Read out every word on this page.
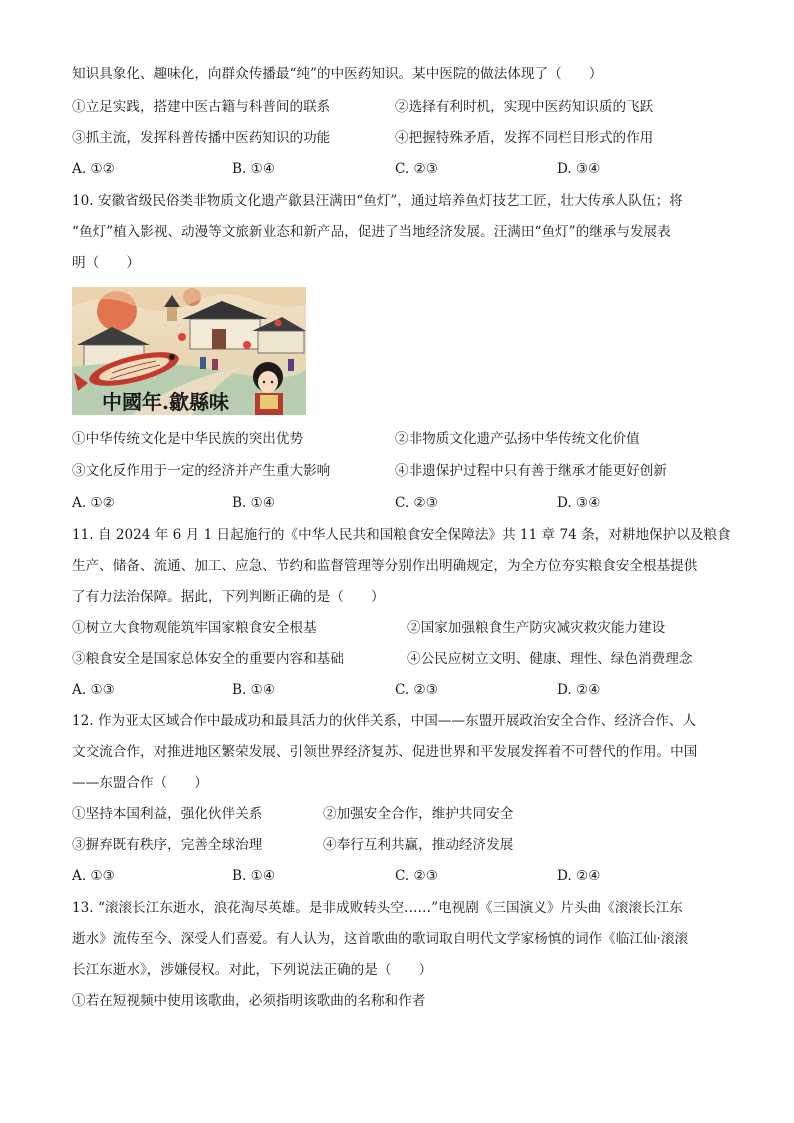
知识具象化、趣味化，向群众传播最“纯”的中医药知识。某中医院的做法体现了（　　）
①立足实践，搭建中医古籍与科普间的联系	②选择有利时机，实现中医药知识质的飞跃
③抓主流，发挥科普传播中医药知识的功能	④把握特殊矛盾，发挥不同栏目形式的作用
A. ①②	B. ①④	C. ②③	D. ③④
10. 安徽省级民俗类非物质文化遗产歙县汪满田“鱼灯”，通过培养鱼灯技艺工匠，壮大传承人队伍；将
“鱼灯”植入影视、动漫等文旅新业态和新产品，促进了当地经济发展。汪满田“鱼灯”的继承与发展表
明（　　）
中國年.歙縣味
①中华传统文化是中华民族的突出优势	②非物质文化遗产弘扬中华传统文化价值
③文化反作用于一定的经济并产生重大影响	④非遗保护过程中只有善于继承才能更好创新
A. ①②	B. ①④	C. ②③	D. ③④
11. 自 2024 年 6 月 1 日起施行的《中华人民共和国粮食安全保障法》共 11 章 74 条，对耕地保护以及粮食
生产、储备、流通、加工、应急、节约和监督管理等分别作出明确规定，为全方位夯实粮食安全根基提供
了有力法治保障。据此，下列判断正确的是（　　）
①树立大食物观能筑牢国家粮食安全根基	②国家加强粮食生产防灾减灾救灾能力建设
③粮食安全是国家总体安全的重要内容和基础	④公民应树立文明、健康、理性、绿色消费理念
A. ①③	B. ①④	C. ②③	D. ②④
12. 作为亚太区域合作中最成功和最具活力的伙伴关系，中国——东盟开展政治安全合作、经济合作、人
文交流合作，对推进地区繁荣发展、引领世界经济复苏、促进世界和平发展发挥着不可替代的作用。中国
——东盟合作（　　）
①坚持本国利益，强化伙伴关系	②加强安全合作，维护共同安全
③摒弃既有秩序，完善全球治理	④奉行互利共赢，推动经济发展
A. ①③	B. ①④	C. ②③	D. ②④
13. “滚滚长江东逝水，浪花淘尽英雄。是非成败转头空……”电视剧《三国演义》片头曲《滚滚长江东
逝水》流传至今、深受人们喜爱。有人认为，这首歌曲的歌词取自明代文学家杨慎的词作《临江仙·滚滚
长江东逝水》，涉嫌侵权。对此，下列说法正确的是（　　）
①若在短视频中使用该歌曲，必须指明该歌曲的名称和作者
